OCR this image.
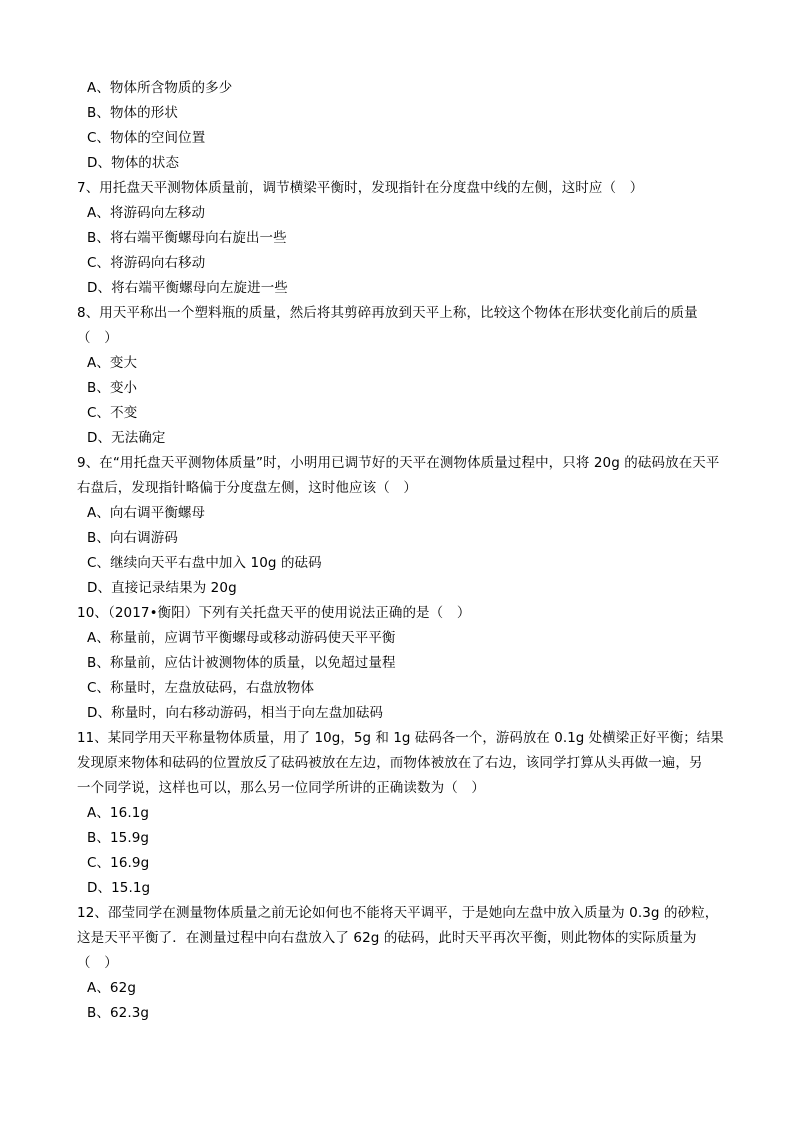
A、物体所含物质的多少
B、物体的形状
C、物体的空间位置
D、物体的状态
7、用托盘天平测物体质量前，调节横梁平衡时，发现指针在分度盘中线的左侧，这时应（　）
A、将游码向左移动
B、将右端平衡螺母向右旋出一些
C、将游码向右移动
D、将右端平衡螺母向左旋进一些
8、用天平称出一个塑料瓶的质量，然后将其剪碎再放到天平上称，比较这个物体在形状变化前后的质量
（　）
A、变大
B、变小
C、不变
D、无法确定
9、在“用托盘天平测物体质量”时，小明用已调节好的天平在测物体质量过程中，只将 20g 的砝码放在天平
右盘后，发现指针略偏于分度盘左侧，这时他应该（　）
A、向右调平衡螺母
B、向右调游码
C、继续向天平右盘中加入 10g 的砝码
D、直接记录结果为 20g
10、（2017•衡阳）下列有关托盘天平的使用说法正确的是（　）
A、称量前，应调节平衡螺母或移动游码使天平平衡
B、称量前，应估计被测物体的质量，以免超过量程
C、称量时，左盘放砝码，右盘放物体
D、称量时，向右移动游码，相当于向左盘加砝码
11、某同学用天平称量物体质量，用了 10g，5g 和 1g 砝码各一个，游码放在 0.1g 处横梁正好平衡；结果
发现原来物体和砝码的位置放反了砝码被放在左边，而物体被放在了右边，该同学打算从头再做一遍，另
一个同学说，这样也可以，那么另一位同学所讲的正确读数为（　）
A、16.1g
B、15.9g
C、16.9g
D、15.1g
12、邵莹同学在测量物体质量之前无论如何也不能将天平调平，于是她向左盘中放入质量为 0.3g 的砂粒，
这是天平平衡了．在测量过程中向右盘放入了 62g 的砝码，此时天平再次平衡，则此物体的实际质量为
（　）
A、62g
B、62.3g
